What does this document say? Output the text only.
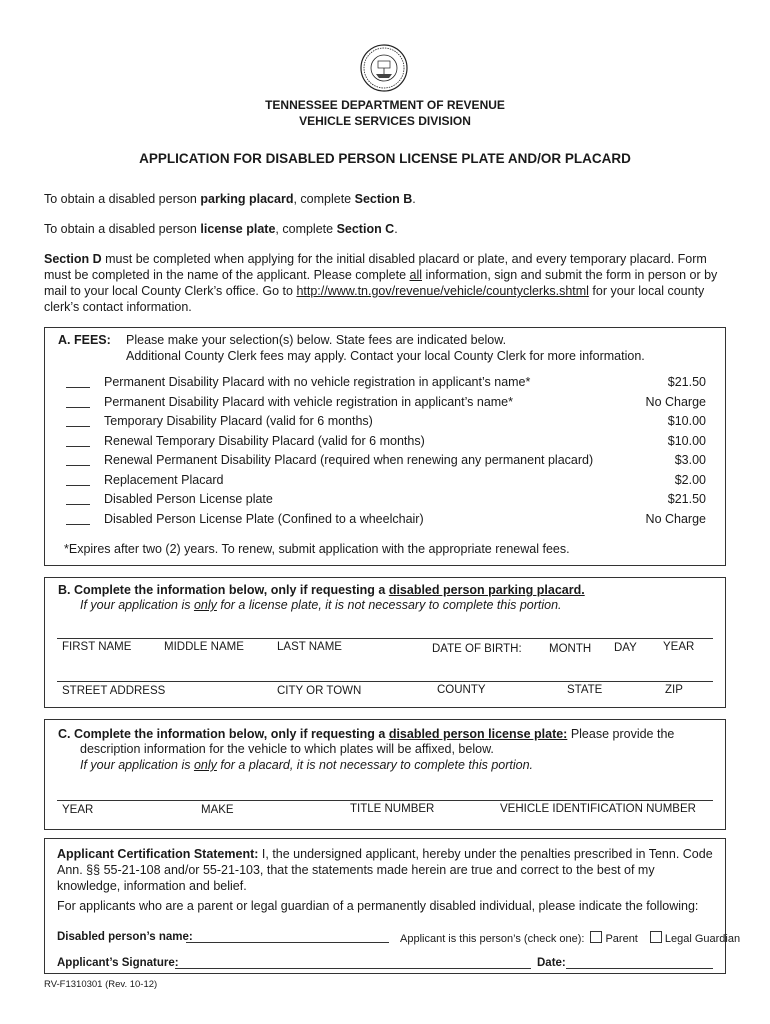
TENNESSEE DEPARTMENT OF REVENUE
VEHICLE SERVICES DIVISION
APPLICATION FOR DISABLED PERSON LICENSE PLATE AND/OR PLACARD
To obtain a disabled person parking placard, complete Section B.
To obtain a disabled person license plate, complete Section C.
Section D must be completed when applying for the initial disabled placard or plate, and every temporary placard. Form must be completed in the name of the applicant. Please complete all information, sign and submit the form in person or by mail to your local County Clerk’s office. Go to http://www.tn.gov/revenue/vehicle/countyclerks.shtml for your local county clerk’s contact information.
A. FEES: Please make your selection(s) below. State fees are indicated below.
Additional County Clerk fees may apply. Contact your local County Clerk for more information.
Permanent Disability Placard with no vehicle registration in applicant’s name*	$21.50
Permanent Disability Placard with vehicle registration in applicant’s name*	No Charge
Temporary Disability Placard (valid for 6 months)	$10.00
Renewal Temporary Disability Placard (valid for 6 months)	$10.00
Renewal Permanent Disability Placard (required when renewing any permanent placard)	$3.00
Replacement Placard	$2.00
Disabled Person License plate	$21.50
Disabled Person License Plate (Confined to a wheelchair)	No Charge
*Expires after two (2) years. To renew, submit application with the appropriate renewal fees.
B. Complete the information below, only if requesting a disabled person parking placard.
If your application is only for a license plate, it is not necessary to complete this portion.
FIRST NAME	MIDDLE NAME	LAST NAME	DATE OF BIRTH: MONTH DAY YEAR
STREET ADDRESS	CITY OR TOWN	COUNTY	STATE	ZIP
C. Complete the information below, only if requesting a disabled person license plate: Please provide the
description information for the vehicle to which plates will be affixed, below.
If your application is only for a placard, it is not necessary to complete this portion.
YEAR	MAKE	TITLE NUMBER	VEHICLE IDENTIFICATION NUMBER
Applicant Certification Statement: I, the undersigned applicant, hereby under the penalties prescribed in Tenn. Code Ann. §§ 55-21-108 and/or 55-21-103, that the statements made herein are true and correct to the best of my knowledge, information and belief.
For applicants who are a parent or legal guardian of a permanently disabled individual, please indicate the following:
Disabled person’s name:	Applicant is this person’s (check one): Parent Legal Guardian
Applicant’s Signature:	Date:
RV-F1310301 (Rev. 10-12)
